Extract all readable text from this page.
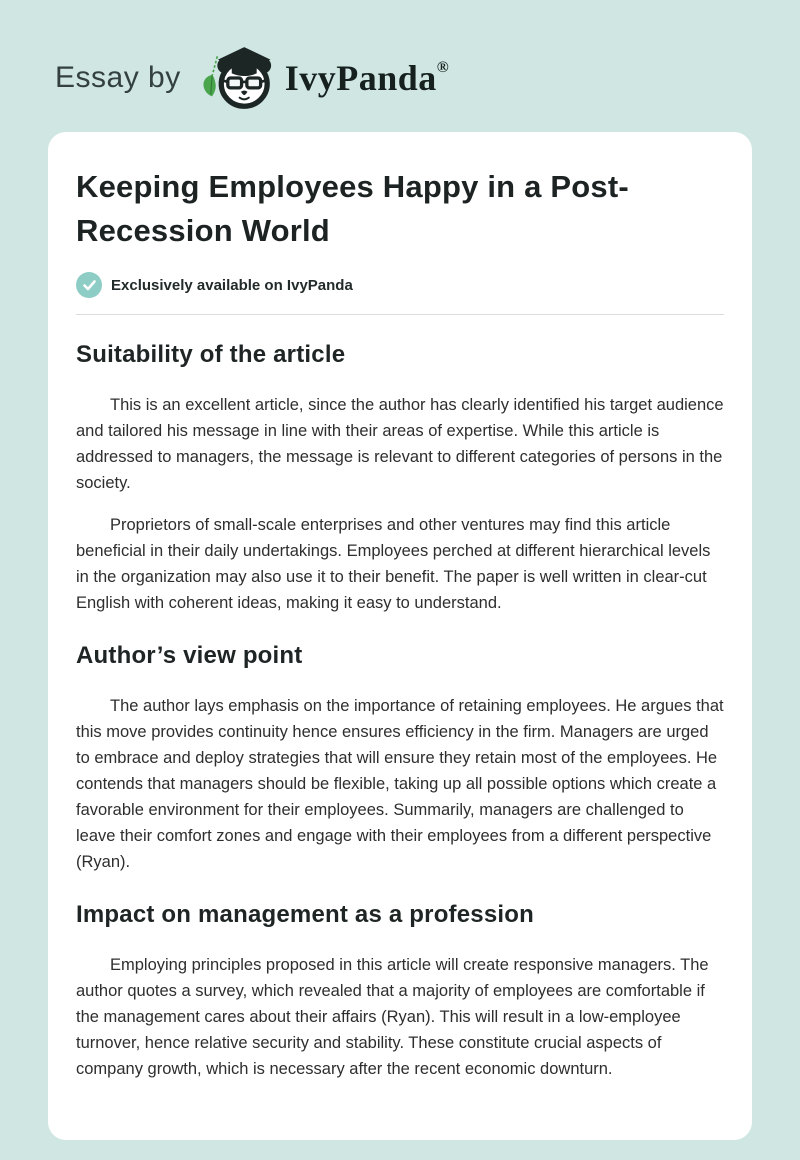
Essay by	IvyPanda ®
Keeping Employees Happy in a Post-Recession World
Exclusively available on IvyPanda
Suitability of the article

This is an excellent article, since the author has clearly identified his target audience and tailored his message in line with their areas of expertise. While this article is addressed to managers, the message is relevant to different categories of persons in the society.

Proprietors of small-scale enterprises and other ventures may find this article beneficial in their daily undertakings. Employees perched at different hierarchical levels in the organization may also use it to their benefit. The paper is well written in clear-cut English with coherent ideas, making it easy to understand.

Author’s view point

The author lays emphasis on the importance of retaining employees. He argues that this move provides continuity hence ensures efficiency in the firm. Managers are urged to embrace and deploy strategies that will ensure they retain most of the employees. He contends that managers should be flexible, taking up all possible options which create a favorable environment for their employees. Summarily, managers are challenged to leave their comfort zones and engage with their employees from a different perspective (Ryan).

Impact on management as a profession

Employing principles proposed in this article will create responsive managers. The author quotes a survey, which revealed that a majority of employees are comfortable if the management cares about their affairs (Ryan). This will result in a low-employee turnover, hence relative security and stability. These constitute crucial aspects of company growth, which is necessary after the recent economic downturn.
